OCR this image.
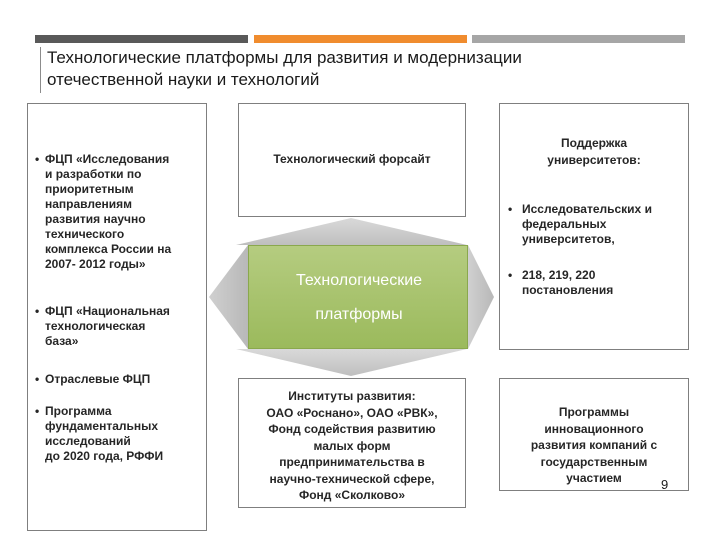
Технологические платформы для развития и модернизации
отечественной науки и технологий
• ФЦП «Исследования
и разработки по
приоритетным
направлениям
развития научно
технического
комплекса России на
2007- 2012 годы»
• ФЦП «Национальная
технологическая
база»
• Отраслевые ФЦП
• Программа
фундаментальных
исследований
до 2020 года, РФФИ
Технологические
платформы
Технологический форсайт
Поддержка
университетов:
• Исследовательских и
федеральных
университетов,
• 218, 219, 220
постановления
Институты развития:
ОАО «Роснано», ОАО «РВК»,
Фонд содействия развитию
малых форм
предпринимательства в
научно-технической сфере,
Фонд «Сколково»
Программы
инновационного
развития компаний с
государственным
участием	9
